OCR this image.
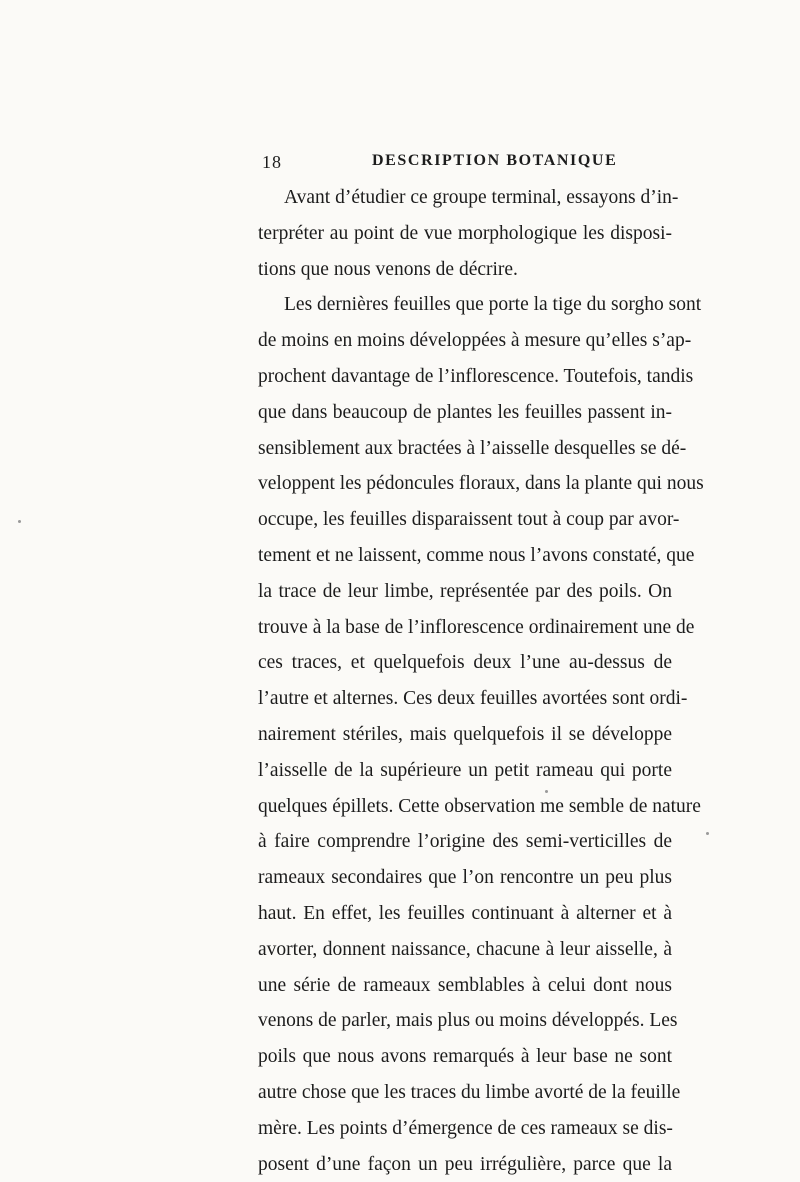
18	DESCRIPTION BOTANIQUE
Avant d’étudier ce groupe terminal, essayons d’in-
terpréter au point de vue morphologique les disposi-
tions que nous venons de décrire.
Les dernières feuilles que porte la tige du sorgho sont
de moins en moins développées à mesure qu’elles s’ap-
prochent davantage de l’inflorescence. Toutefois, tandis
que dans beaucoup de plantes les feuilles passent in-
sensiblement aux bractées à l’aisselle desquelles se dé-
veloppent les pédoncules floraux, dans la plante qui nous
occupe, les feuilles disparaissent tout à coup par avor-
tement et ne laissent, comme nous l’avons constaté, que
la trace de leur limbe, représentée par des poils. On
trouve à la base de l’inflorescence ordinairement une de
ces traces, et quelquefois deux l’une au-dessus de
l’autre et alternes. Ces deux feuilles avortées sont ordi-
nairement stériles, mais quelquefois il se développe
l’aisselle de la supérieure un petit rameau qui porte
quelques épillets. Cette observation me semble de nature
à faire comprendre l’origine des semi-verticilles de
rameaux secondaires que l’on rencontre un peu plus
haut. En effet, les feuilles continuant à alterner et à
avorter, donnent naissance, chacune à leur aisselle, à
une série de rameaux semblables à celui dont nous
venons de parler, mais plus ou moins développés. Les
poils que nous avons remarqués à leur base ne sont
autre chose que les traces du limbe avorté de la feuille
mère. Les points d’émergence de ces rameaux se dis-
posent d’une façon un peu irrégulière, parce que la
